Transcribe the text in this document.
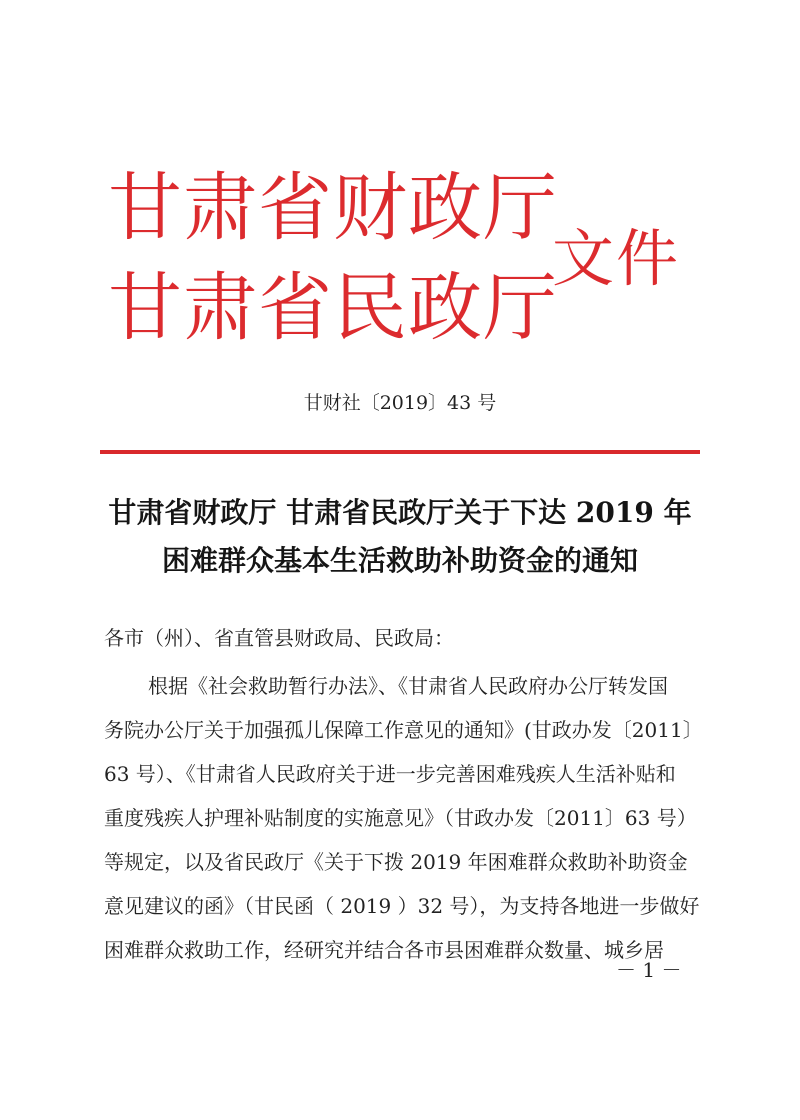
甘肃省财政厅
甘肃省民政厅
文件
甘财社〔2019〕43 号
甘肃省财政厅 甘肃省民政厅关于下达 2019 年
困难群众基本生活救助补助资金的通知
各市（州）、省直管县财政局、民政局：
根据《社会救助暂行办法》、《甘肃省人民政府办公厅转发国
务院办公厅关于加强孤儿保障工作意见的通知》(甘政办发〔2011〕
63 号）、《甘肃省人民政府关于进一步完善困难残疾人生活补贴和
重度残疾人护理补贴制度的实施意见》（甘政办发〔2011〕63 号）
等规定，以及省民政厅《关于下拨 2019 年困难群众救助补助资金
意见建议的函》（甘民函（ 2019 ）32 号），为支持各地进一步做好
困难群众救助工作，经研究并结合各市县困难群众数量、城乡居
－ 1 －
